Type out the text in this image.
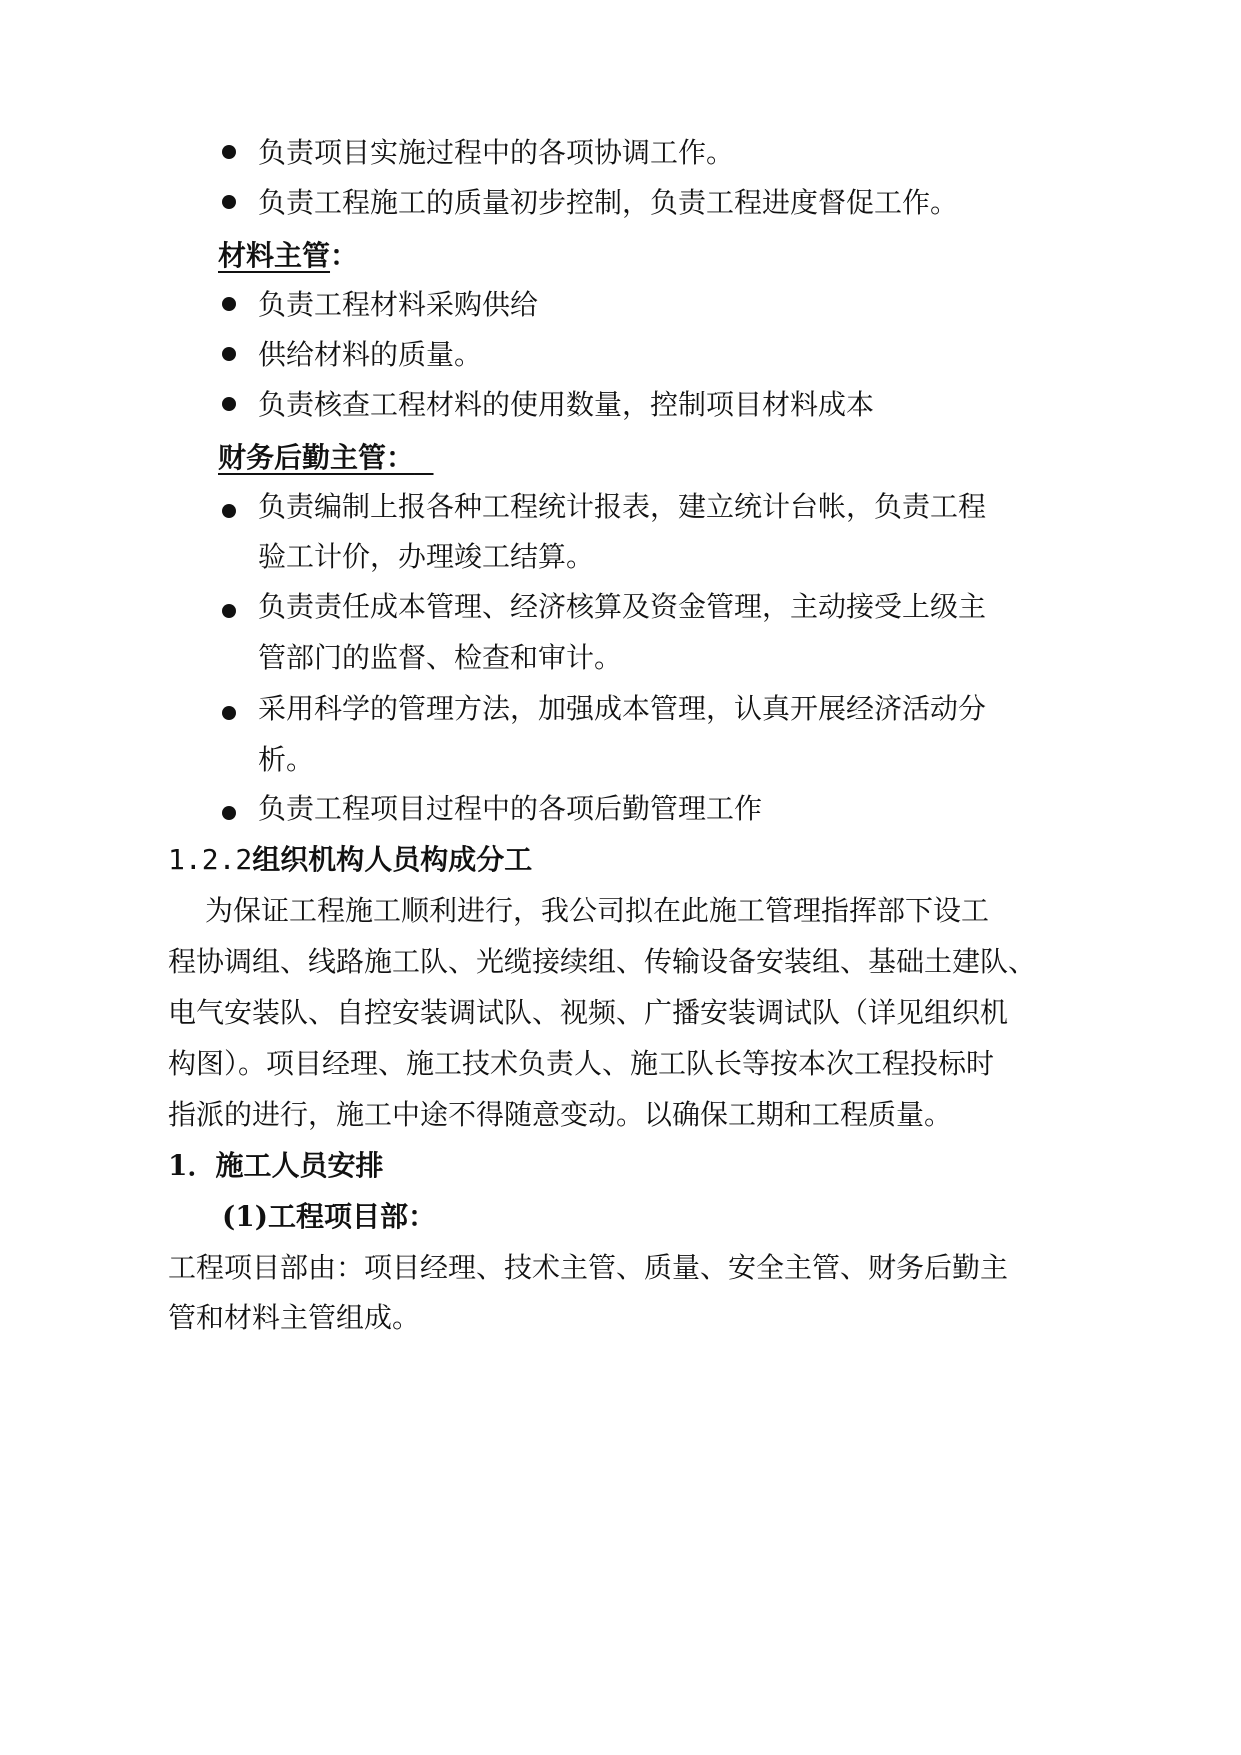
负责项目实施过程中的各项协调工作。
负责工程施工的质量初步控制，负责工程进度督促工作。
材料主管：
负责工程材料采购供给
供给材料的质量。
负责核查工程材料的使用数量，控制项目材料成本
财务后勤主管：
负责编制上报各种工程统计报表，建立统计台帐，负责工程
验工计价，办理竣工结算。
负责责任成本管理、经济核算及资金管理，主动接受上级主
管部门的监督、检查和审计。
采用科学的管理方法，加强成本管理，认真开展经济活动分
析。
负责工程项目过程中的各项后勤管理工作
1.2.2组织机构人员构成分工
为保证工程施工顺利进行，我公司拟在此施工管理指挥部下设工
程协调组、线路施工队、光缆接续组、传输设备安装组、基础土建队、
电气安装队、自控安装调试队、视频、广播安装调试队（详见组织机
构图）。项目经理、施工技术负责人、施工队长等按本次工程投标时
指派的进行，施工中途不得随意变动。以确保工期和工程质量。
1．施工人员安排
(1)工程项目部：
工程项目部由：项目经理、技术主管、质量、安全主管、财务后勤主
管和材料主管组成。
